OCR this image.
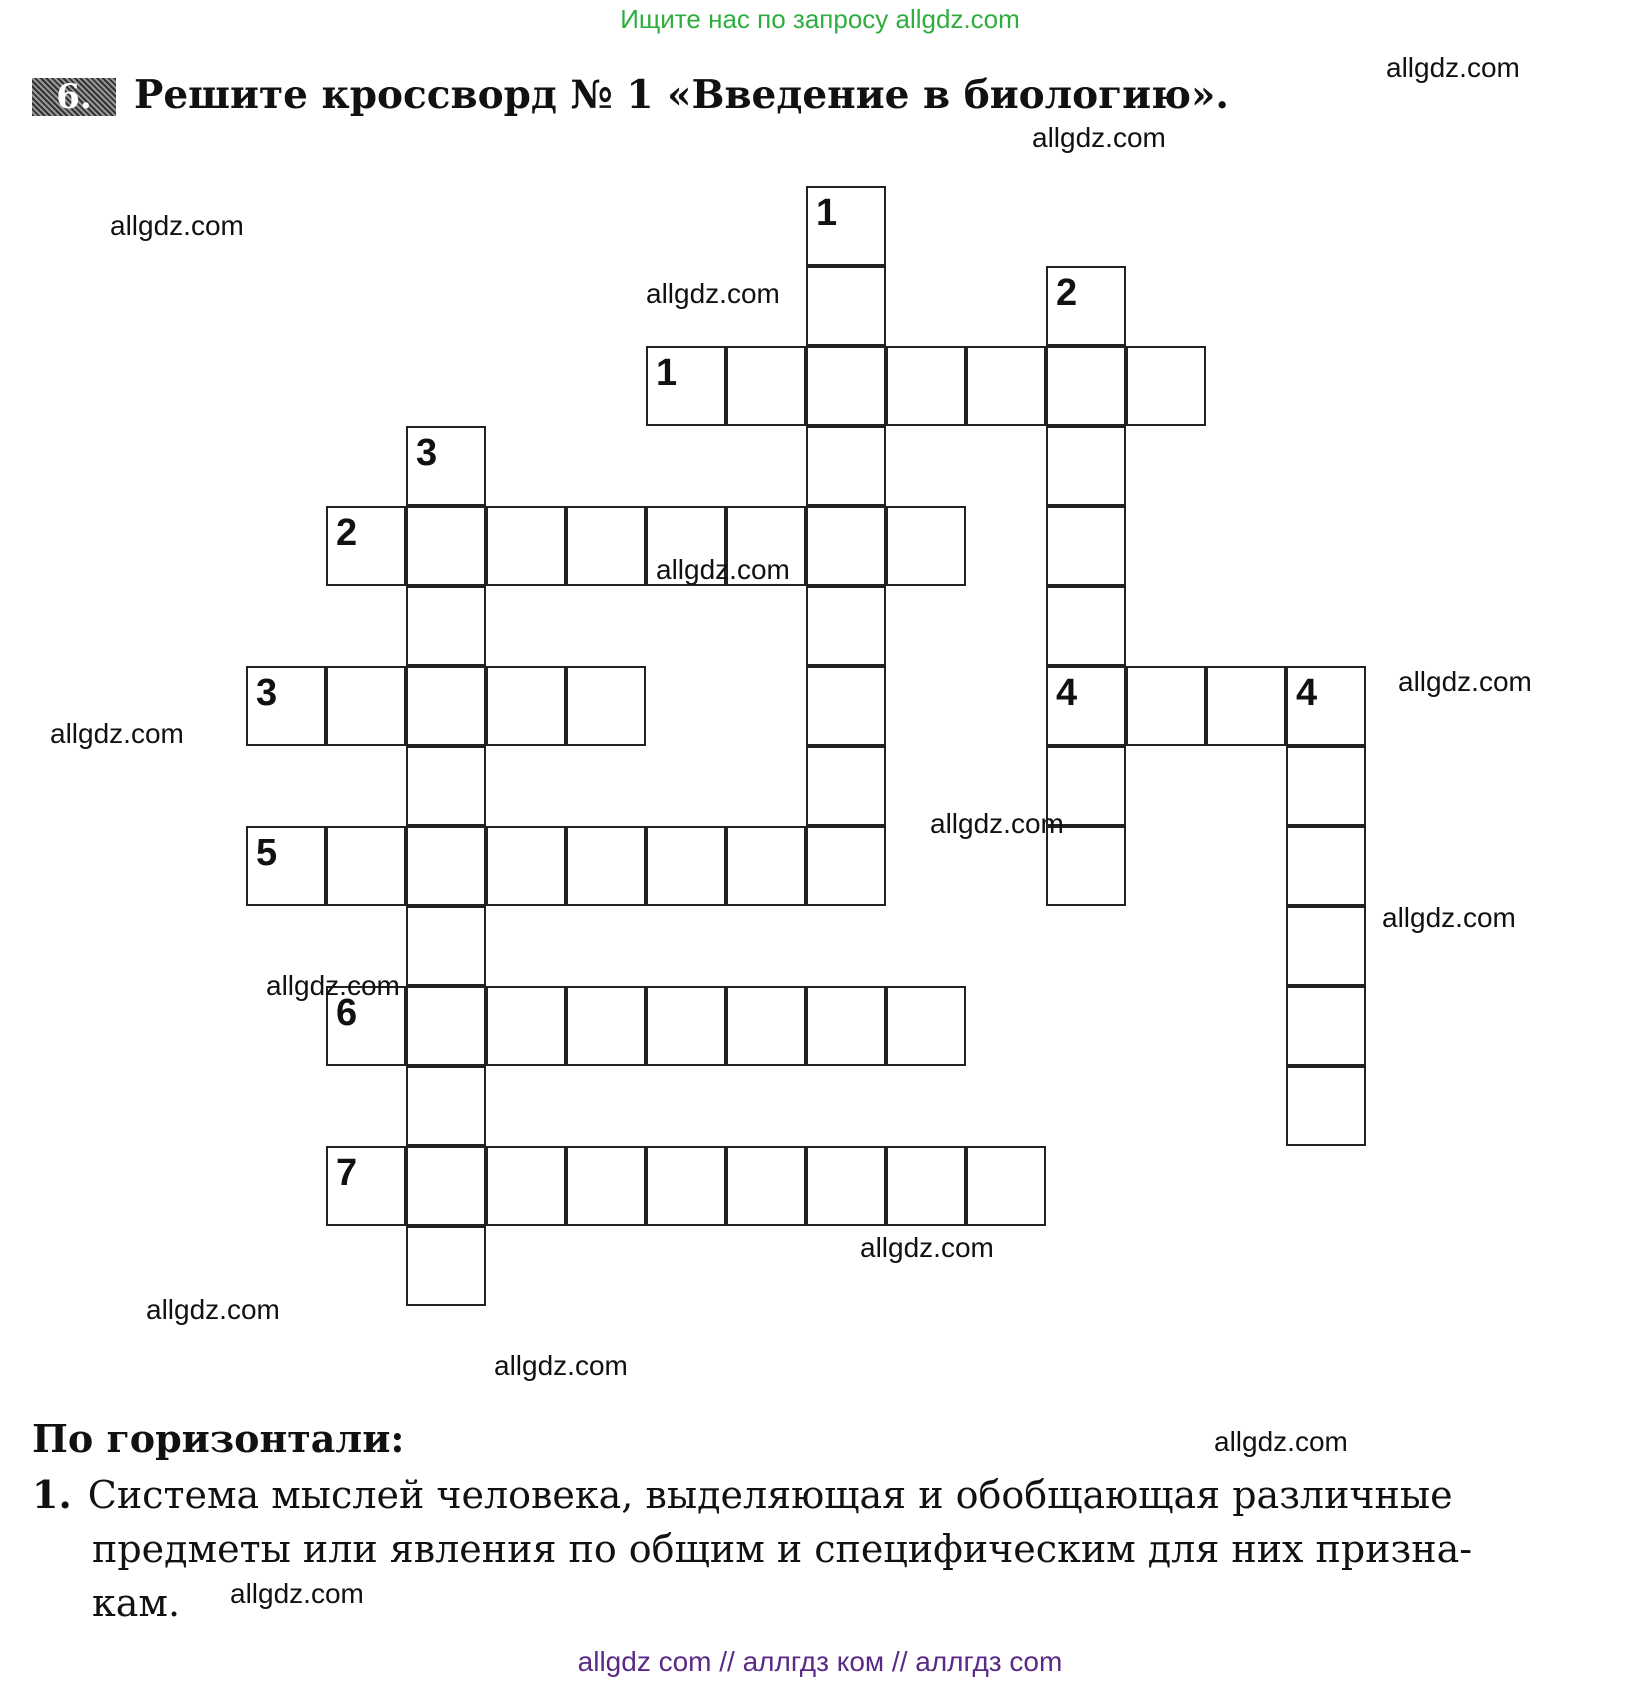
Ищите нас по запросу allgdz.com
6.	Решите кроссворд № 1 «Введение в биологию».
1
2
4
1
3
2
3	4
5
6
7
allgdz.com
allgdz.com
allgdz.com
allgdz.com
allgdz.com
allgdz.com
allgdz.com
allgdz.com
allgdz.com
allgdz.com
allgdz.com
allgdz.com
allgdz.com
allgdz.com
allgdz.com
По горизонтали:
1. Система мыслей человека, выделяющая и обобщающая различные
предметы или явления по общим и специфическим для них призна-
кам.
allgdz com // аллгдз ком // аллгдз com
